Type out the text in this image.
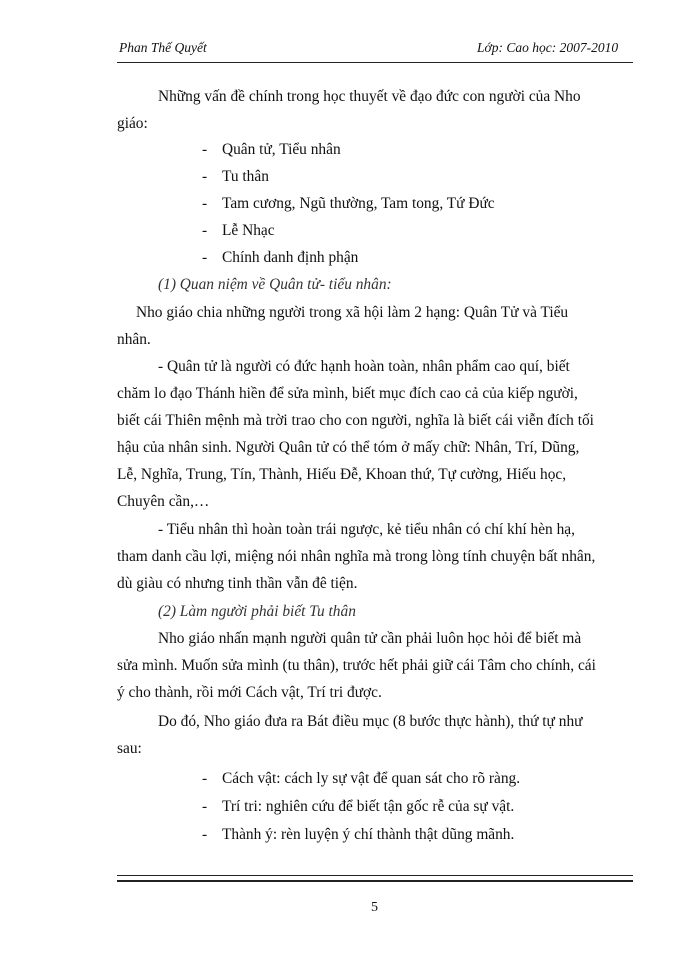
Phan Thế Quyết	Lớp: Cao học: 2007-2010
Những vấn đề chính trong học thuyết về đạo đức con người của Nho
giáo:
- Quân tử, Tiểu nhân
- Tu thân
- Tam cương, Ngũ thường, Tam tong, Tứ Đức
- Lễ Nhạc
- Chính danh định phận
(1) Quan niệm về Quân tử- tiểu nhân:
Nho giáo chia những người trong xã hội làm 2 hạng: Quân Tử và Tiểu
nhân.
- Quân tử là người có đức hạnh hoàn toàn, nhân phẩm cao quí, biết
chăm lo đạo Thánh hiền để sửa mình, biết mục đích cao cả của kiếp người,
biết cái Thiên mệnh mà trời trao cho con người, nghĩa là biết cái viễn đích tối
hậu của nhân sinh. Người Quân tử có thể tóm ở mấy chữ: Nhân, Trí, Dũng,
Lễ, Nghĩa, Trung, Tín, Thành, Hiếu Đễ, Khoan thứ, Tự cường, Hiếu học,
Chuyên cần,…
- Tiểu nhân thì hoàn toàn trái ngược, kẻ tiểu nhân có chí khí hèn hạ,
tham danh cầu lợi, miệng nói nhân nghĩa mà trong lòng tính chuyện bất nhân,
dù giàu có nhưng tinh thần vẫn đê tiện.
(2) Làm người phải biết Tu thân
Nho giáo nhấn mạnh người quân tử cần phải luôn học hỏi để biết mà
sửa mình. Muốn sửa mình (tu thân), trước hết phải giữ cái Tâm cho chính, cái
ý cho thành, rồi mới Cách vật, Trí tri được.
Do đó, Nho giáo đưa ra Bát điều mục (8 bước thực hành), thứ tự như
sau:
- Cách vật: cách ly sự vật để quan sát cho rõ ràng.
- Trí tri: nghiên cứu để biết tận gốc rễ của sự vật.
- Thành ý: rèn luyện ý chí thành thật dũng mãnh.
5
